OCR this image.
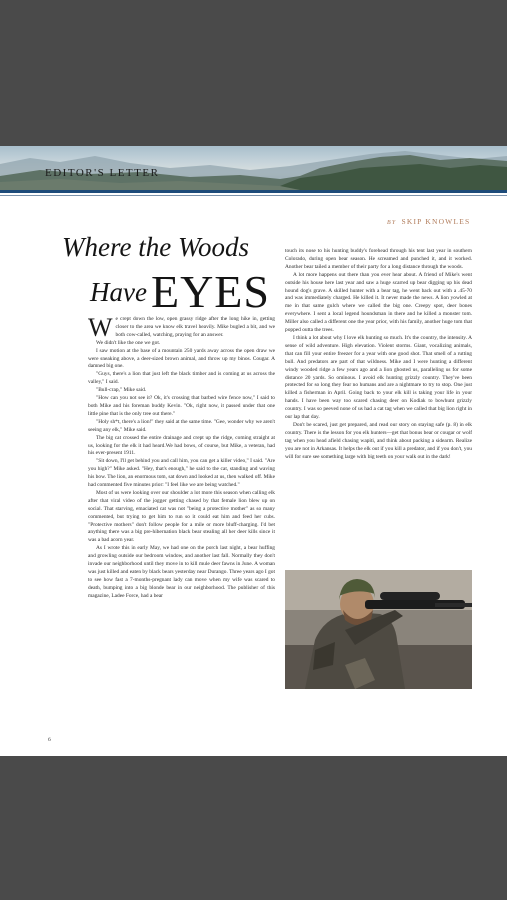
EDITOR'S LETTER
BY SKIP KNOWLES
Where the Woods
HaveEYES

We crept down the low, open grassy ridge after the long hike in, getting closer to the area we know elk travel heavily. Mike bugled a bit, and we both cow-called, watching, praying for an answer.

We didn't like the one we got.

I saw motion at the base of a mountain 250 yards away across the open draw we were sneaking above, a deer-sized brown animal, and throw up my binos. Cougar. A damned big one.

"Guys, there's a lion that just left the black timber and is coming at us across the valley," I said.

"Bull-crap," Mike said.

"How can you not see it? Ok, it's crossing that barbed wire fence now," I said to both Mike and his foreman buddy Kevin. "Ok, right now, it passed under that one little pine that is the only tree out there."

"Holy sh*t, there's a lion!" they said at the same time. "Gee, wonder why we aren't seeing any elk," Mike said.

The big cat crossed the entire drainage and crept up the ridge, coming straight at us, looking for the elk it had heard.We had bows, of course, but Mike, a veteran, had his ever-present 1911.

"Sit down, I'll get behind you and call him, you can get a killer video," I said. "Are you high?" Mike asked. "Hey, that's enough," he said to the cat, standing and waving his bow. The lion, an enormous tom, sat down and looked at us, then walked off. Mike had commented five minutes prior: "I feel like we are being watched."

Most of us were looking over our shoulder a lot more this season when calling elk after that viral video of the jogger getting chased by that female lion blew up on social. That starving, emaciated cat was not "being a protective mother" as so many commented, but trying to get him to run so it could eat him and feed her cubs. "Protective mothers" don't follow people for a mile or more bluff-charging. I'd bet anything there was a big pre-hibernation black bear stealing all her deer kills since it was a bad acorn year.

As I wrote this in early May, we had one on the porch last night, a bear huffing and growling outside our bedroom window, and another last fall. Normally they don't invade our neighborhood until they move in to kill mule deer fawns in June. A woman was just killed and eaten by black bears yesterday near Durango. Three years ago I got to see how fast a 7-months-pregnant lady can move when my wife was scared to death, bumping into a big blonde bear in our neighborhood. The publisher of this magazine, Ladee Force, had a bear

touch its nose to his hunting buddy's forehead through his tent last year in southern Colorado, during open bear season. He screamed and punched it, and it worked. Another bear tailed a member of their party for a long distance through the woods.

A lot more happens out there than you ever hear about. A friend of Mike's went outside his house here last year and saw a huge scarred up bear digging up his dead hound dog's grave. A skilled hunter with a bear tag, he went back out with a .45-70 and was immediately charged. He killed it. It never made the news. A lion yowled at me in that same gulch where we called the big one. Creepy spot, deer bones everywhere. I sent a local legend houndsman in there and he killed a monster tom. Miller also called a different one the year prior, with his family, another huge tom that popped outta the trees.

I think a lot about why I love elk hunting so much. It's the country, the intensity. A sense of wild adventure. High elevation. Violent storms. Giant, vocalizing animals, that can fill your entire freezer for a year with one good shot. That smell of a rutting bull. And predators are part of that wildness. Mike and I were hunting a different windy wooded ridge a few years ago and a lion ghosted us, paralleling us for some distance 20 yards. So ominous. I avoid elk hunting grizzly country. They've been protected for so long they fear no humans and are a nightmare to try to stop. One just killed a fisherman in April. Going back to your elk kill is taking your life in your hands. I have been way too scared chasing deer on Kodiak to bowhunt grizzly country. I was so peeved none of us had a cat tag when we called that big lion right in our lap that day.

Don't be scared, just get prepared, and read our story on staying safe (p. 8) in elk country. There is the lesson for you elk hunters—get that bonus bear or cougar or wolf tag when you head afield chasing wapiti, and think about packing a sidearm. Realize you are not in Arkansas. It helps the elk out if you kill a predator, and if you don't, you will for sure see something large with big teeth on your walk out in the dark!

6
